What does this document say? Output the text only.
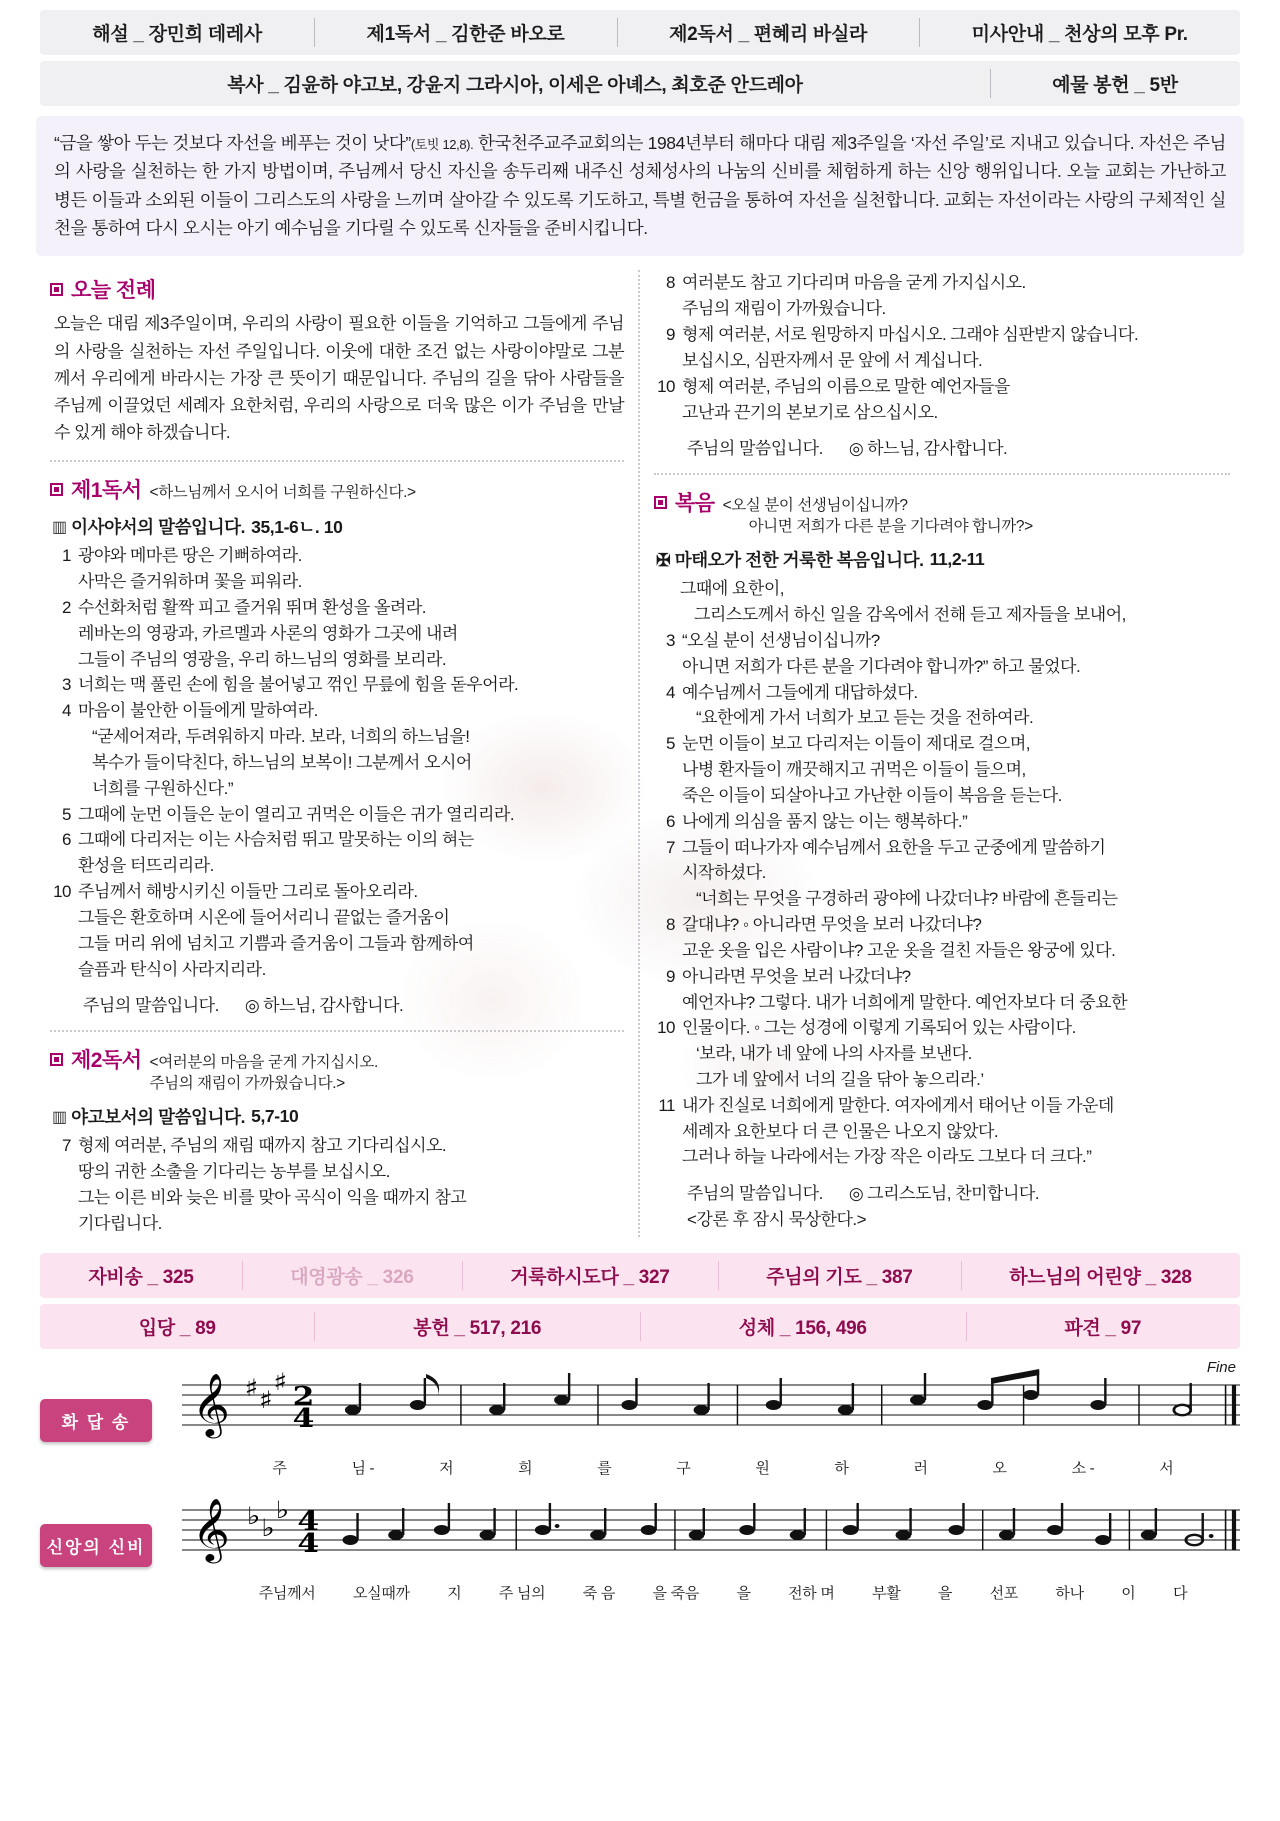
해설 _ 장민희 데레사	제1독서 _ 김한준 바오로	제2독서 _ 편혜리 바실라	미사안내 _ 천상의 모후 Pr.
복사 _ 김윤하 야고보, 강윤지 그라시아, 이세은 아녜스, 최호준 안드레아	예물 봉헌 _ 5반
“금을 쌓아 두는 것보다 자선을 베푸는 것이 낫다”(토빗 12,8). 한국천주교주교회의는 1984년부터 해마다 대림 제3주일을 ‘자선 주일’로 지내고 있습니다. 자선은 주님의 사랑을 실천하는 한 가지 방법이며, 주님께서 당신 자신을 송두리째 내주신 성체성사의 나눔의 신비를 체험하게 하는 신앙 행위입니다. 오늘 교회는 가난하고 병든 이들과 소외된 이들이 그리스도의 사랑을 느끼며 살아갈 수 있도록 기도하고, 특별 헌금을 통하여 자선을 실천합니다. 교회는 자선이라는 사랑의 구체적인 실천을 통하여 다시 오시는 아기 예수님을 기다릴 수 있도록 신자들을 준비시킵니다.
오늘 전례
오늘은 대림 제3주일이며, 우리의 사랑이 필요한 이들을 기억하고 그들에게 주님의 사랑을 실천하는 자선 주일입니다. 이웃에 대한 조건 없는 사랑이야말로 그분께서 우리에게 바라시는 가장 큰 뜻이기 때문입니다. 주님의 길을 닦아 사람들을 주님께 이끌었던 세례자 요한처럼, 우리의 사랑으로 더욱 많은 이가 주님을 만날 수 있게 해야 하겠습니다.
제1독서 <하느님께서 오시어 너희를 구원하신다.>
▥ 이사야서의 말씀입니다. 35,1-6ㄴ. 10
1 광야와 메마른 땅은 기뻐하여라.
사막은 즐거워하며 꽃을 피워라.
2 수선화처럼 활짝 피고 즐거워 뛰며 환성을 올려라.
레바논의 영광과, 카르멜과 사론의 영화가 그곳에 내려
그들이 주님의 영광을, 우리 하느님의 영화를 보리라.
3 너희는 맥 풀린 손에 힘을 불어넣고 꺾인 무릎에 힘을 돋우어라.
4 마음이 불안한 이들에게 말하여라.
“굳세어져라, 두려워하지 마라. 보라, 너희의 하느님을!
복수가 들이닥친다, 하느님의 보복이! 그분께서 오시어
너희를 구원하신다.”
5 그때에 눈먼 이들은 눈이 열리고 귀먹은 이들은 귀가 열리리라.
6 그때에 다리저는 이는 사슴처럼 뛰고 말못하는 이의 혀는
환성을 터뜨리리라.
10 주님께서 해방시키신 이들만 그리로 돌아오리라.
그들은 환호하며 시온에 들어서리니 끝없는 즐거움이
그들 머리 위에 넘치고 기쁨과 즐거움이 그들과 함께하여
슬픔과 탄식이 사라지리라.
주님의 말씀입니다. ◎ 하느님, 감사합니다.
제2독서 <여러분의 마음을 굳게 가지십시오.
주님의 재림이 가까웠습니다.>
▥ 야고보서의 말씀입니다. 5,7-10
7 형제 여러분, 주님의 재림 때까지 참고 기다리십시오.
땅의 귀한 소출을 기다리는 농부를 보십시오.
그는 이른 비와 늦은 비를 맞아 곡식이 익을 때까지 참고
기다립니다.
8 여러분도 참고 기다리며 마음을 굳게 가지십시오.
주님의 재림이 가까웠습니다.
9 형제 여러분, 서로 원망하지 마십시오. 그래야 심판받지 않습니다.
보십시오, 심판자께서 문 앞에 서 계십니다.
10 형제 여러분, 주님의 이름으로 말한 예언자들을
고난과 끈기의 본보기로 삼으십시오.
주님의 말씀입니다. ◎ 하느님, 감사합니다.
복음 <오실 분이 선생님이십니까?
아니면 저희가 다른 분을 기다려야 합니까?>
✠ 마태오가 전한 거룩한 복음입니다. 11,2-11
그때에 요한이,
그리스도께서 하신 일을 감옥에서 전해 듣고 제자들을 보내어,
3 “오실 분이 선생님이십니까?
아니면 저희가 다른 분을 기다려야 합니까?” 하고 물었다.
4 예수님께서 그들에게 대답하셨다.
“요한에게 가서 너희가 보고 듣는 것을 전하여라.
5 눈먼 이들이 보고 다리저는 이들이 제대로 걸으며,
나병 환자들이 깨끗해지고 귀먹은 이들이 들으며,
죽은 이들이 되살아나고 가난한 이들이 복음을 듣는다.
6 나에게 의심을 품지 않는 이는 행복하다.”
7 그들이 떠나가자 예수님께서 요한을 두고 군중에게 말씀하기
시작하셨다.
“너희는 무엇을 구경하러 광야에 나갔더냐? 바람에 흔들리는
8 갈대냐? ◦ 아니라면 무엇을 보러 나갔더냐?
고운 옷을 입은 사람이냐? 고운 옷을 걸친 자들은 왕궁에 있다.
9 아니라면 무엇을 보러 나갔더냐?
예언자냐? 그렇다. 내가 너희에게 말한다. 예언자보다 더 중요한
10 인물이다. ◦ 그는 성경에 이렇게 기록되어 있는 사람이다.
‘보라, 내가 네 앞에 나의 사자를 보낸다.
그가 네 앞에서 너의 길을 닦아 놓으리라.’
11 내가 진실로 너희에게 말한다. 여자에게서 태어난 이들 가운데
세례자 요한보다 더 큰 인물은 나오지 않았다.
그러나 하늘 나라에서는 가장 작은 이라도 그보다 더 크다.”
주님의 말씀입니다. ◎ 그리스도님, 찬미합니다.
<강론 후 잠시 묵상한다.>
자비송 _ 325	대영광송 _ 326	거룩하시도다 _ 327	주님의 기도 _ 387	하느님의 어린양 _ 328
입당 _ 89	봉헌 _ 517, 216	성체 _ 156, 496	파견 _ 97
Fine
화 답 송	𝄞 ♯ ♯
♯ 2
4
주	님 -	저	희	를	구	원	하	러	오	소 -	서
신앙의 신비 𝄞 ♭ ♭
♭ 4
4
주님께서 오실때까 지 주 님의 죽 음 을 죽음 을 전하 며 부활 을 선포 하나 이 다
